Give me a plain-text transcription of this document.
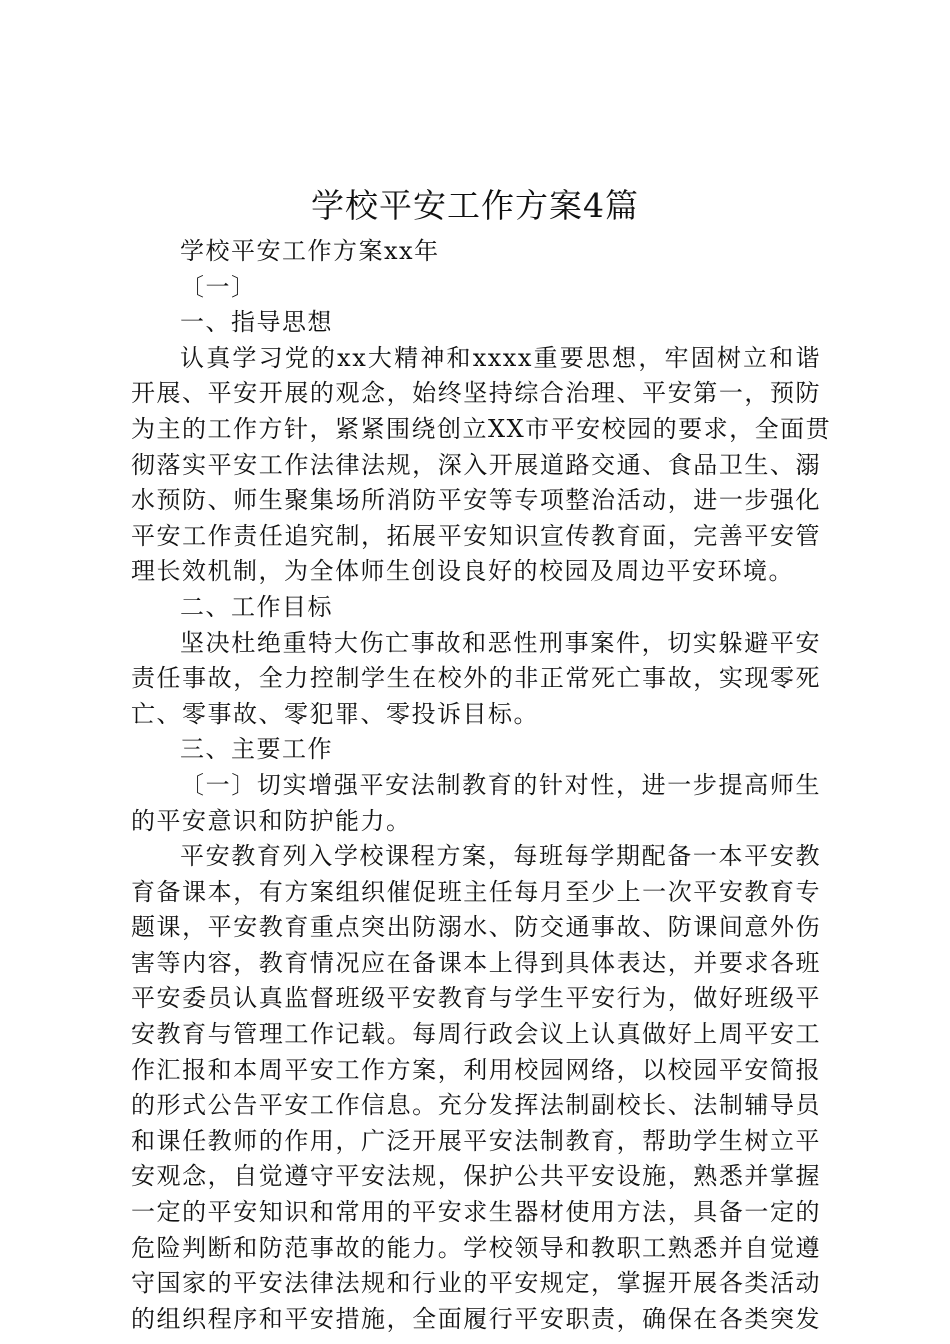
学校平安工作方案4篇
学校平安工作方案xx年
〔一〕
一、指导思想
认真学习党的xx大精神和xxxx重要思想，牢固树立和谐
开展、平安开展的观念，始终坚持综合治理、平安第一，预防
为主的工作方针，紧紧围绕创立XX市平安校园的要求，全面贯
彻落实平安工作法律法规，深入开展道路交通、食品卫生、溺
水预防、师生聚集场所消防平安等专项整治活动，进一步强化
平安工作责任追究制，拓展平安知识宣传教育面，完善平安管
理长效机制，为全体师生创设良好的校园及周边平安环境。
二、工作目标
坚决杜绝重特大伤亡事故和恶性刑事案件，切实躲避平安
责任事故，全力控制学生在校外的非正常死亡事故，实现零死
亡、零事故、零犯罪、零投诉目标。
三、主要工作
〔一〕切实增强平安法制教育的针对性，进一步提高师生
的平安意识和防护能力。
平安教育列入学校课程方案，每班每学期配备一本平安教
育备课本，有方案组织催促班主任每月至少上一次平安教育专
题课，平安教育重点突出防溺水、防交通事故、防课间意外伤
害等内容，教育情况应在备课本上得到具体表达，并要求各班
平安委员认真监督班级平安教育与学生平安行为，做好班级平
安教育与管理工作记载。每周行政会议上认真做好上周平安工
作汇报和本周平安工作方案，利用校园网络，以校园平安简报
的形式公告平安工作信息。充分发挥法制副校长、法制辅导员
和课任教师的作用，广泛开展平安法制教育，帮助学生树立平
安观念，自觉遵守平安法规，保护公共平安设施，熟悉并掌握
一定的平安知识和常用的平安求生器材使用方法，具备一定的
危险判断和防范事故的能力。学校领导和教职工熟悉并自觉遵
守国家的平安法律法规和行业的平安规定，掌握开展各类活动
的组织程序和平安措施，全面履行平安职责，确保在各类突发
